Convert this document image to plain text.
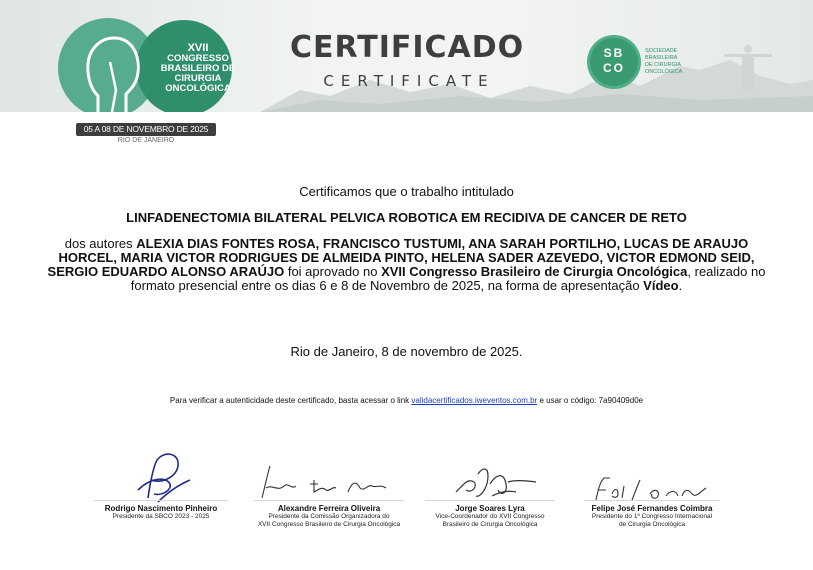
XVII
CONGRESSO
BRASILEIRO DE
CIRURGIA
ONCOLÓGICA
CERTIFICADO
CERTIFICATE
SB
CO
SOCIEDADE
BRASILEIRA
DE CIRURGIA
ONCOLÓGICA
05 A 08 DE NOVEMBRO DE 2025
RIO DE JANEIRO
Certificamos que o trabalho intitulado
LINFADENECTOMIA BILATERAL PELVICA ROBOTICA EM RECIDIVA DE CANCER DE RETO
dos autores ALEXIA DIAS FONTES ROSA, FRANCISCO TUSTUMI, ANA SARAH PORTILHO, LUCAS DE ARAUJO HORCEL, MARIA VICTOR RODRIGUES DE ALMEIDA PINTO, HELENA SADER AZEVEDO, VICTOR EDMOND SEID, SERGIO EDUARDO ALONSO ARAÚJO foi aprovado no XVII Congresso Brasileiro de Cirurgia Oncológica, realizado no formato presencial entre os dias 6 e 8 de Novembro de 2025, na forma de apresentação Vídeo.
Rio de Janeiro, 8 de novembro de 2025.
Para verificar a autenticidade deste certificado, basta acessar o link validacertificados.iweventos.com.br e usar o código: 7a90409d0e
Rodrigo Nascimento Pinheiro
Presidente da SBCO 2023 - 2025
Alexandre Ferreira Oliveira
Presidente da Comissão Organizadora do
XVII Congresso Brasileiro de Cirurgia Oncológica
Jorge Soares Lyra
Vice-Coordenador do XVII Congresso
Brasileiro de Cirurgia Oncológica
Felipe José Fernandes Coimbra
Presidente do 1º Congresso Internacional
de Cirurgia Oncológica
